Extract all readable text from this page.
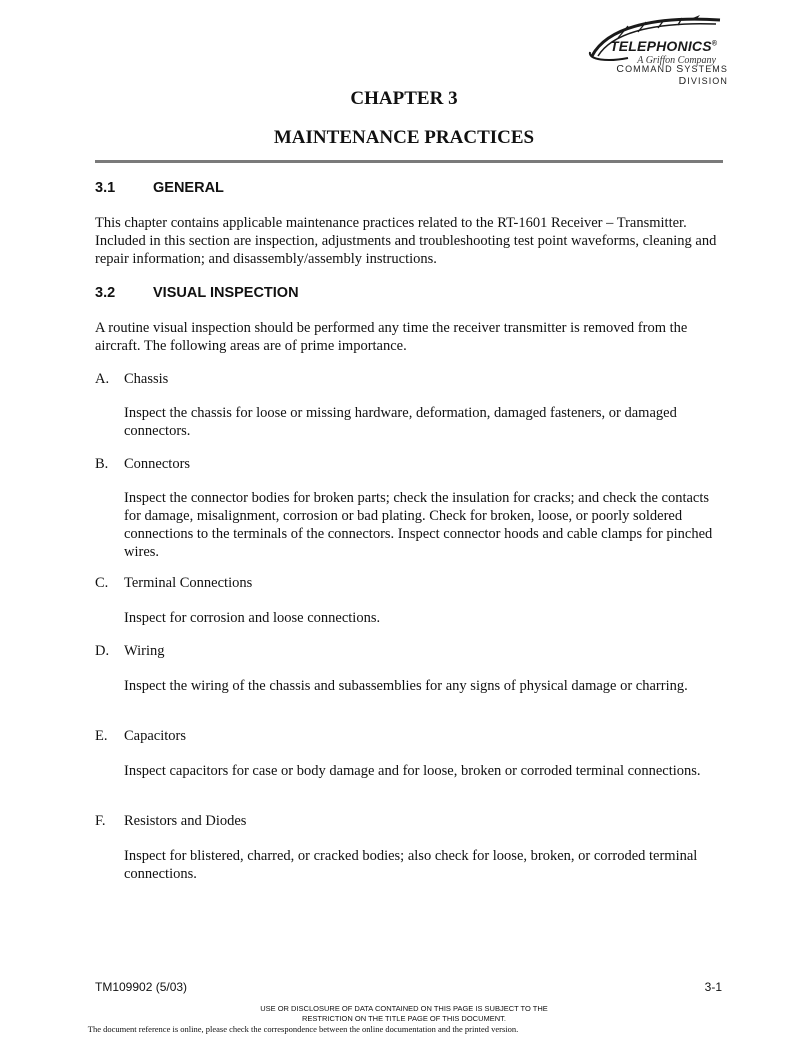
TELEPHONICS®
A Griffon Company
COMMAND SYSTEMS DIVISION
CHAPTER 3
MAINTENANCE PRACTICES
3.1	GENERAL
This chapter contains applicable maintenance practices related to the RT-1601 Receiver – Transmitter. Included in this section are inspection, adjustments and troubleshooting test point waveforms, cleaning and repair information; and disassembly/assembly instructions.
3.2	VISUAL INSPECTION
A routine visual inspection should be performed any time the receiver transmitter is removed from the aircraft. The following areas are of prime importance.
A. Chassis
Inspect the chassis for loose or missing hardware, deformation, damaged fasteners, or damaged connectors.
B. Connectors
Inspect the connector bodies for broken parts; check the insulation for cracks; and check the contacts for damage, misalignment, corrosion or bad plating. Check for broken, loose, or poorly soldered connections to the terminals of the connectors. Inspect connector hoods and cable clamps for pinched wires.
C. Terminal Connections
Inspect for corrosion and loose connections.
D. Wiring
Inspect the wiring of the chassis and subassemblies for any signs of physical damage or charring.
E. Capacitors
Inspect capacitors for case or body damage and for loose, broken or corroded terminal connections.
F. Resistors and Diodes
Inspect for blistered, charred, or cracked bodies; also check for loose, broken, or corroded terminal connections.
TM109902 (5/03)	3-1
USE OR DISCLOSURE OF DATA CONTAINED ON THIS PAGE IS SUBJECT TO THE
RESTRICTION ON THE TITLE PAGE OF THIS DOCUMENT.
The document reference is online, please check the correspondence between the online documentation and the printed version.
